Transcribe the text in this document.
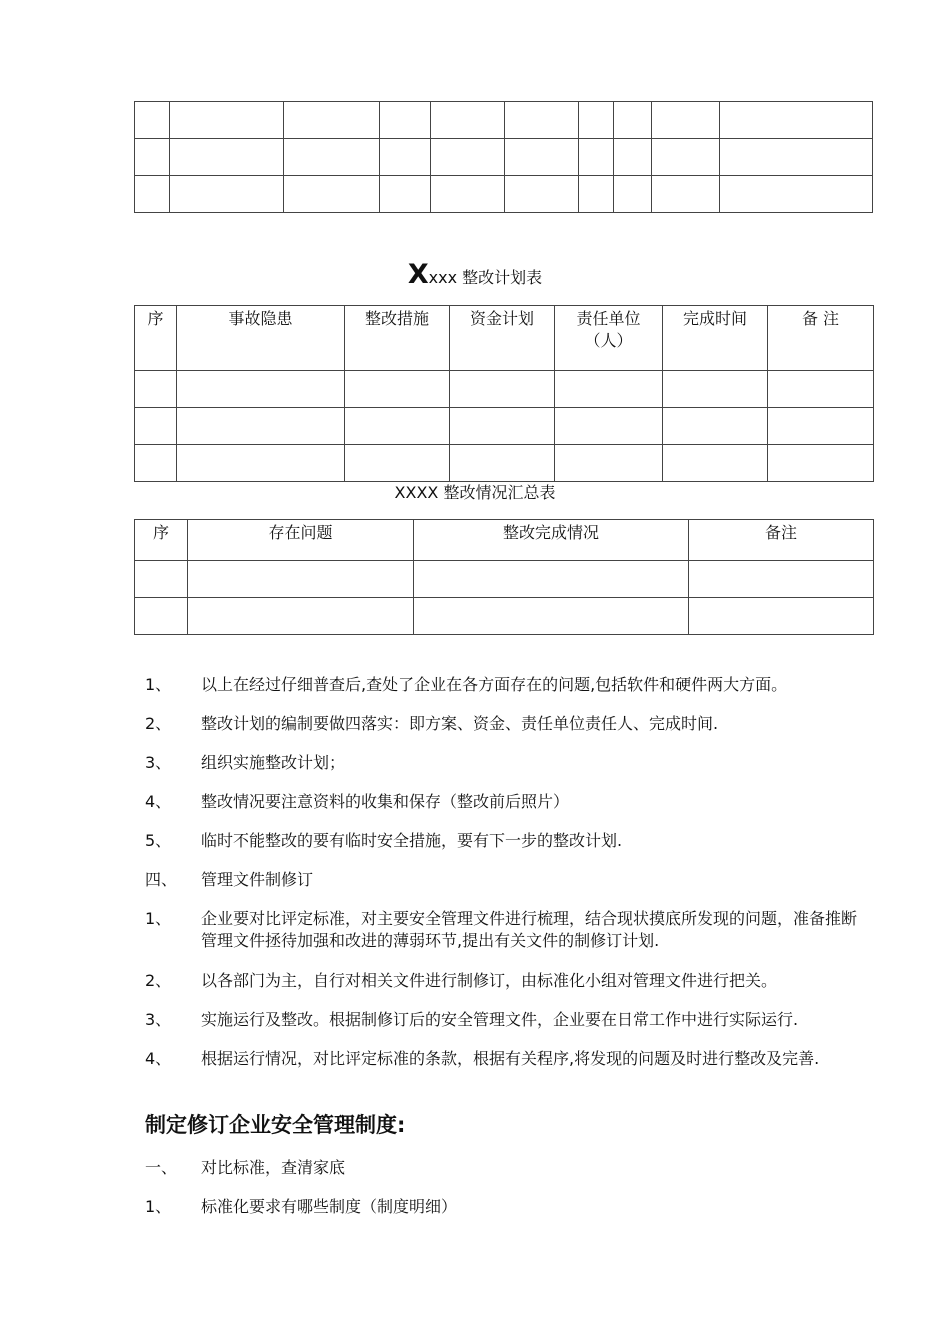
Xxxx 整改计划表
序	事故隐患	整改措施	资金计划	责任单位（人）	完成时间	备 注

XXXX 整改情况汇总表
序	存在问题	整改完成情况	备注

1、 以上在经过仔细普查后,查处了企业在各方面存在的问题,包括软件和硬件两大方面。
2、 整改计划的编制要做四落实：即方案、资金、责任单位责任人、完成时间.
3、 组织实施整改计划；
4、 整改情况要注意资料的收集和保存（整改前后照片）
5、 临时不能整改的要有临时安全措施，要有下一步的整改计划.
四、 管理文件制修订
1、 企业要对比评定标准，对主要安全管理文件进行梳理，结合现状摸底所发现的问题，准备推断管理文件拯待加强和改进的薄弱环节,提出有关文件的制修订计划.
2、 以各部门为主，自行对相关文件进行制修订，由标准化小组对管理文件进行把关。
3、 实施运行及整改。根据制修订后的安全管理文件，企业要在日常工作中进行实际运行.
4、 根据运行情况，对比评定标准的条款，根据有关程序,将发现的问题及时进行整改及完善.
制定修订企业安全管理制度:
一、 对比标准，查清家底
1、 标准化要求有哪些制度（制度明细）
